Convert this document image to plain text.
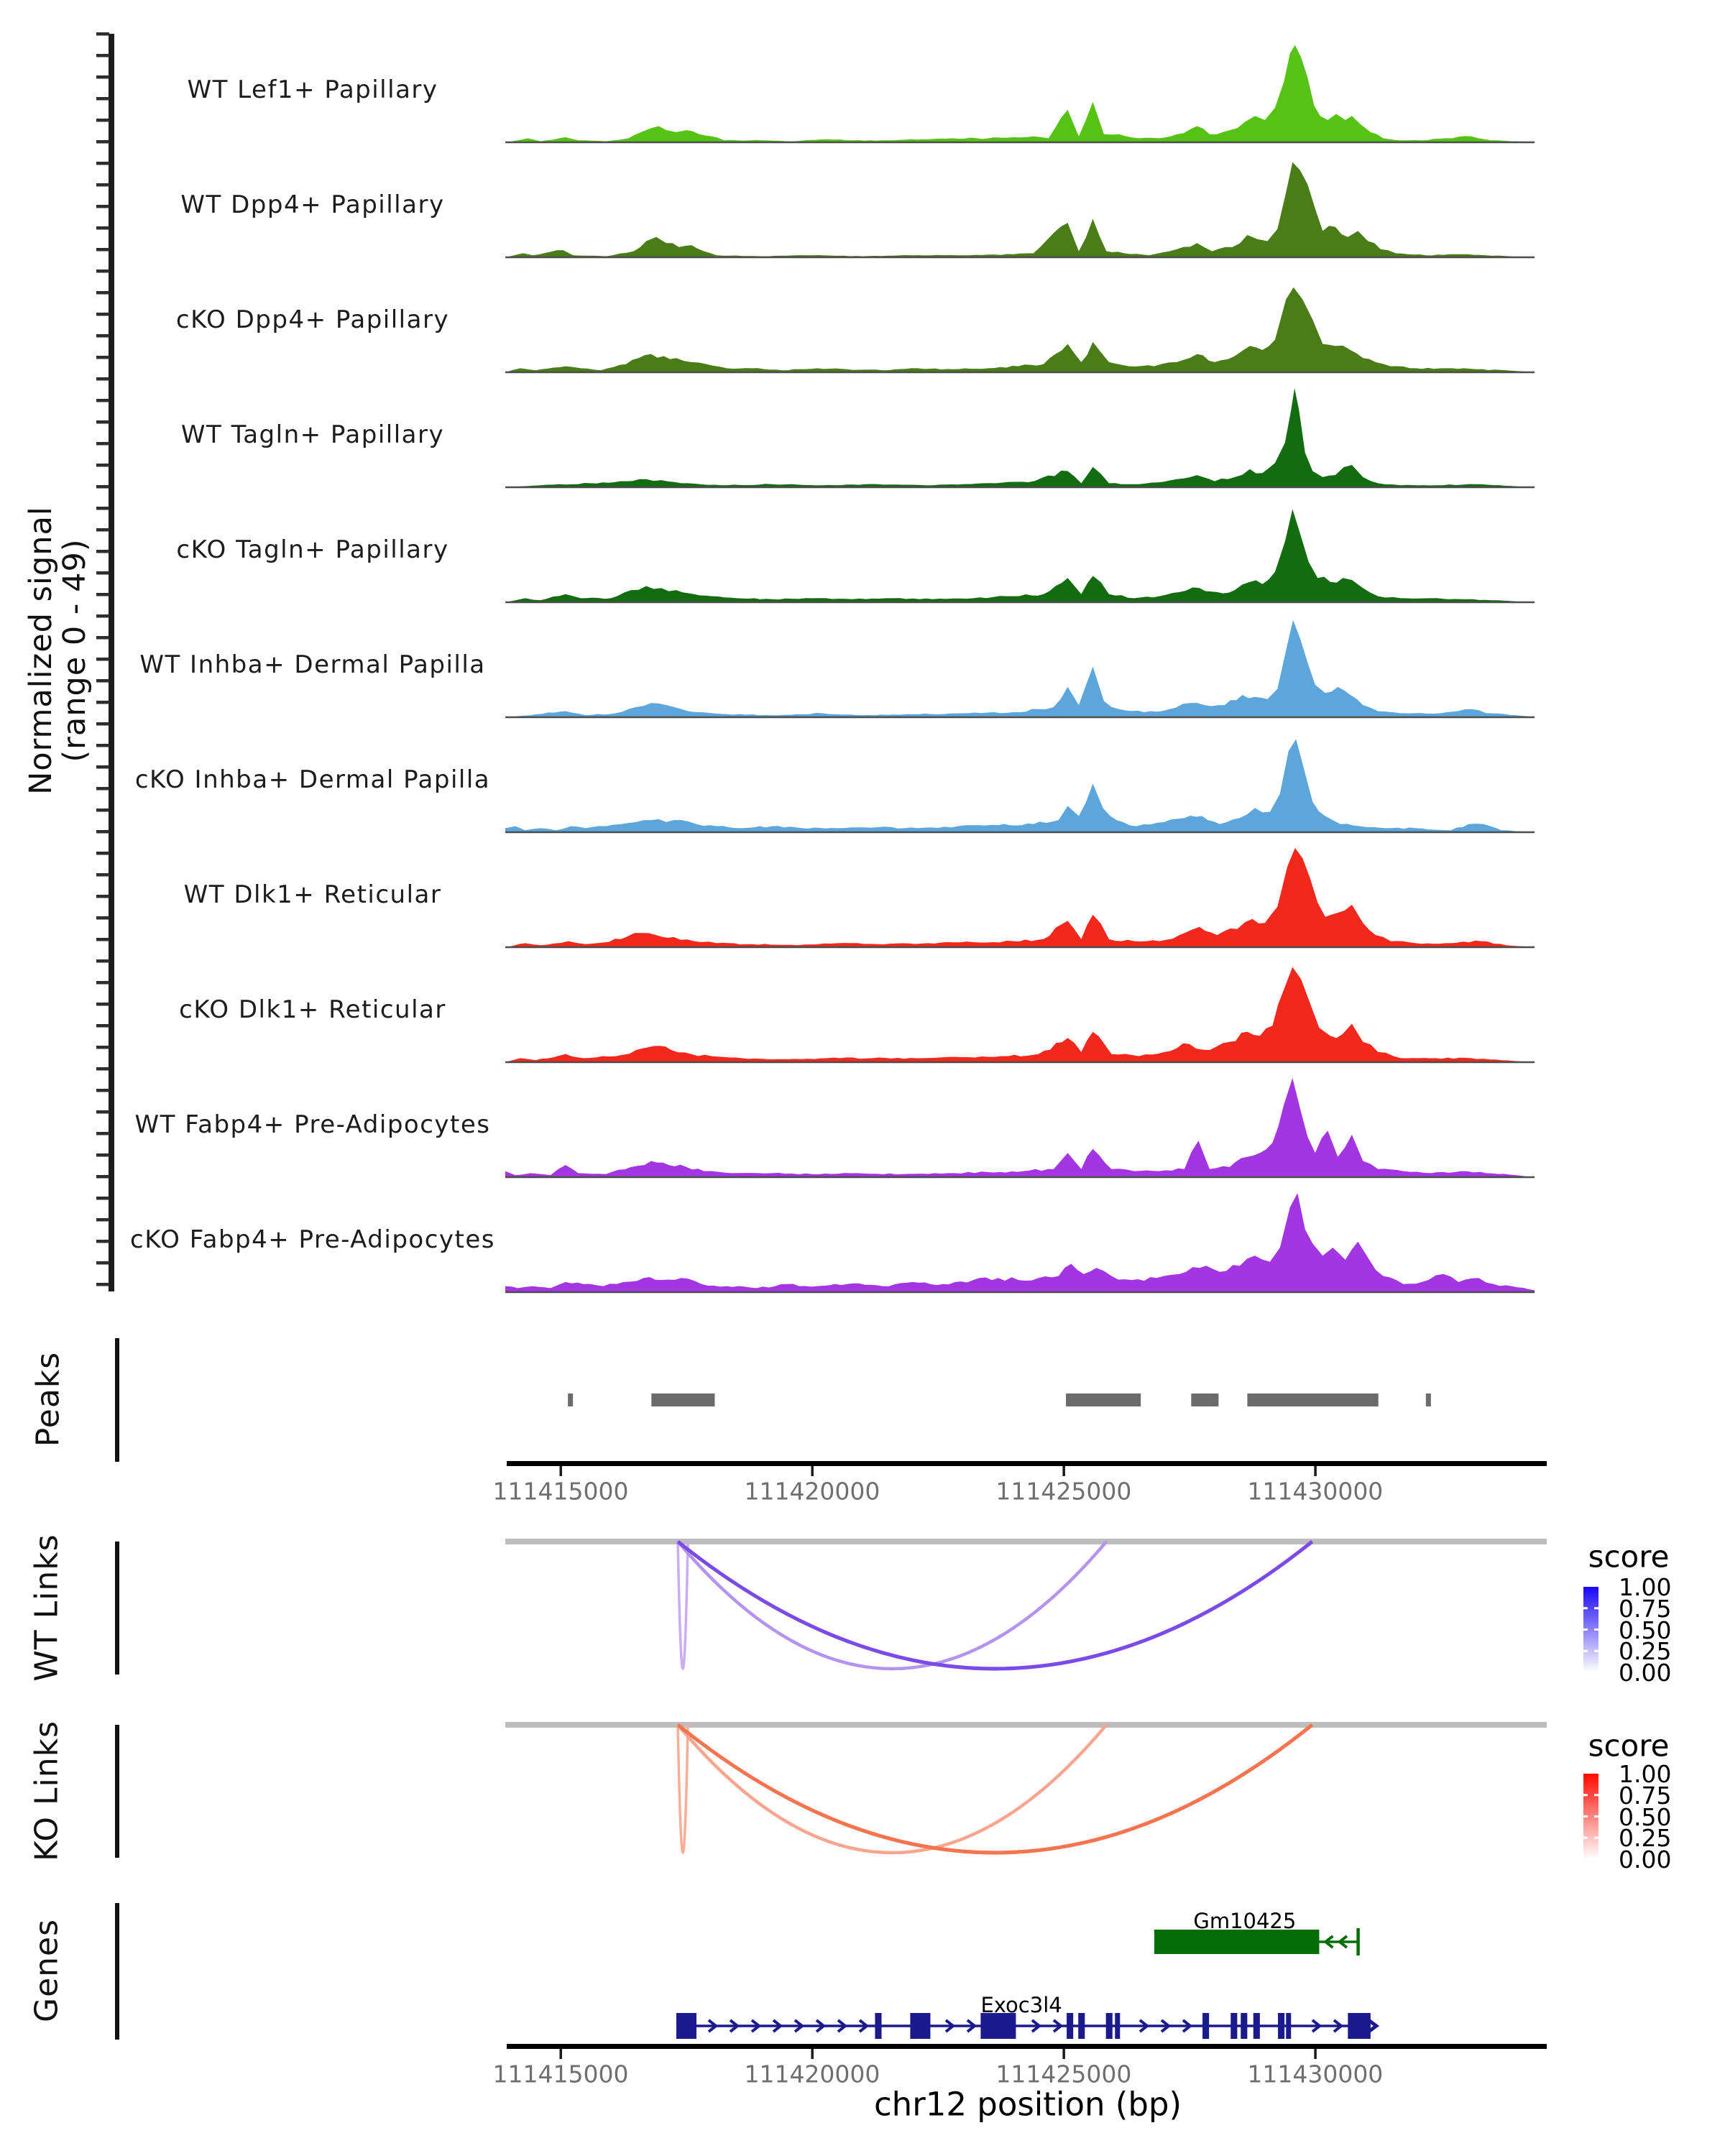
Normalized signal
(range 0 - 49)
Peaks
WT Links
KO Links
Genes
score
score
chr12 position (bp)
WT Lef1+ Papillary
WT Dpp4+ Papillary
cKO Dpp4+ Papillary
WT Tagln+ Papillary
cKO Tagln+ Papillary
WT Inhba+ Dermal Papilla
cKO Inhba+ Dermal Papilla
WT Dlk1+ Reticular
cKO Dlk1+ Reticular
WT Fabp4+ Pre-Adipocytes
cKO Fabp4+ Pre-Adipocytes
111415000	111420000	111425000	111430000
111415000	111420000	111425000	111430000
1.00
0.75
0.50
0.25
0.00
1.00
0.75
0.50
0.25
0.00
Gm10425
Exoc3l4
